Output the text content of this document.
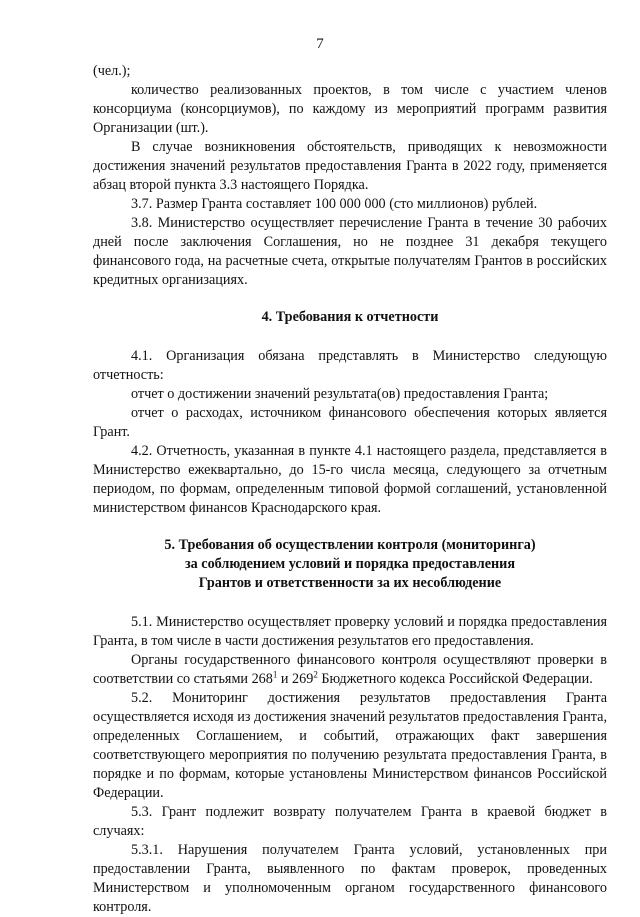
7

(чел.);

количество реализованных проектов, в том числе с участием членов консорциума (консорциумов), по каждому из мероприятий программ развития Организации (шт.).

В случае возникновения обстоятельств, приводящих к невозможности достижения значений результатов предоставления Гранта в 2022 году, применяется абзац второй пункта 3.3 настоящего Порядка.

3.7. Размер Гранта составляет 100 000 000 (сто миллионов) рублей.

3.8. Министерство осуществляет перечисление Гранта в течение 30 рабочих дней после заключения Соглашения, но не позднее 31 декабря текущего финансового года, на расчетные счета, открытые получателям Грантов в российских кредитных организациях.

4. Требования к отчетности

4.1. Организация обязана представлять в Министерство следующую отчетность:

отчет о достижении значений результата(ов) предоставления Гранта;

отчет о расходах, источником финансового обеспечения которых является Грант.

4.2. Отчетность, указанная в пункте 4.1 настоящего раздела, представляется в Министерство ежеквартально, до 15-го числа месяца, следующего за отчетным периодом, по формам, определенным типовой формой соглашений, установленной министерством финансов Краснодарского края.

5. Требования об осуществлении контроля (мониторинга)
за соблюдением условий и порядка предоставления
Грантов и ответственности за их несоблюдение

5.1. Министерство осуществляет проверку условий и порядка предоставления Гранта, в том числе в части достижения результатов его предоставления.

Органы государственного финансового контроля осуществляют проверки в соответствии со статьями $268^1$ и $269^2$ Бюджетного кодекса Российской Федерации.

5.2. Мониторинг достижения результатов предоставления Гранта осуществляется исходя из достижения значений результатов предоставления Гранта, определенных Соглашением, и событий, отражающих факт завершения соответствующего мероприятия по получению результата предоставления Гранта, в порядке и по формам, которые установлены Министерством финансов Российской Федерации.

5.3. Грант подлежит возврату получателем Гранта в краевой бюджет в случаях:

5.3.1. Нарушения получателем Гранта условий, установленных при предоставлении Гранта, выявленного по фактам проверок, проведенных Министерством и уполномоченным органом государственного финансового контроля.
